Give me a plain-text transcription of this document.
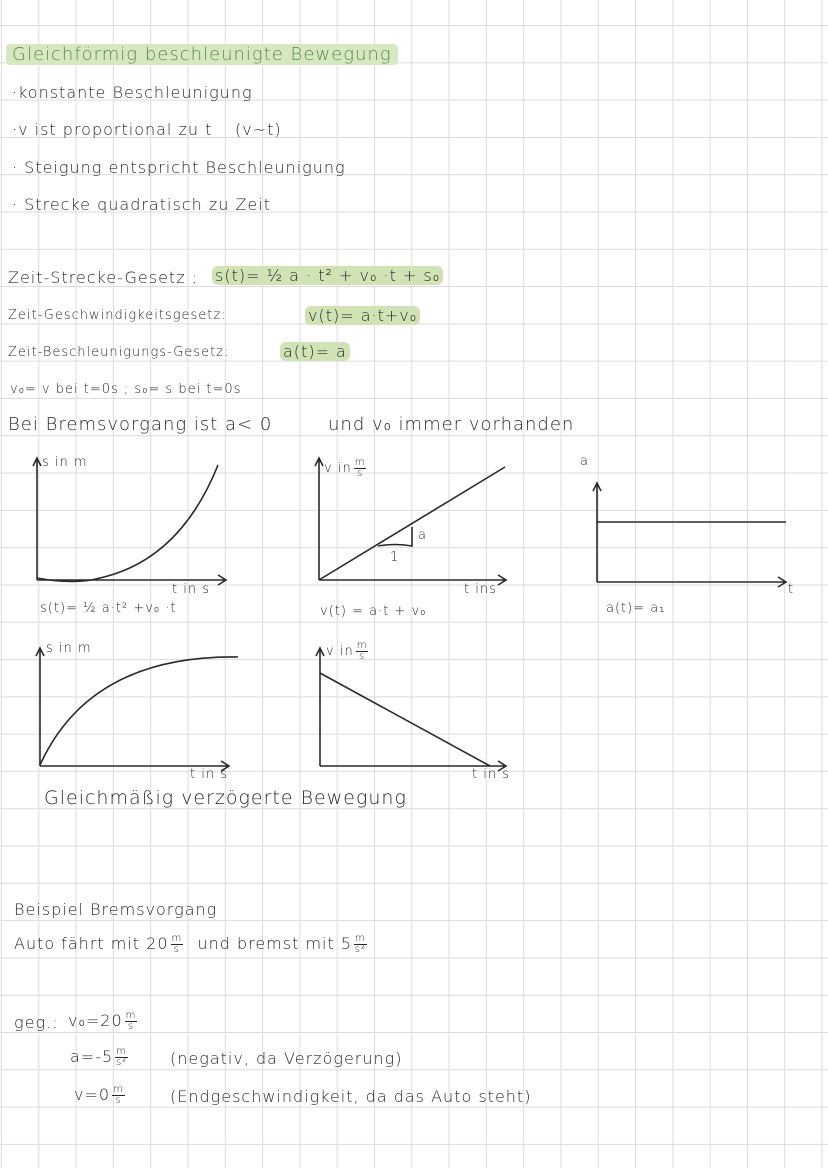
Gleichförmig beschleunigte Bewegung
·konstante Beschleunigung
·v ist proportional zu t (v~t)
· Steigung entspricht Beschleunigung
· Strecke quadratisch zu Zeit
Zeit-Strecke-Gesetz : s(t)= ½ a · t² + v₀ ·t + s₀
Zeit-Geschwindigkeitsgesetz:	v(t)= a·t+v₀
Zeit-Beschleunigungs-Gesetz:	a(t)= a
v₀= v bei t=0s ; s₀= s bei t=0s
Bei Bremsvorgang ist a< 0	und v₀ immer vorhanden
s in m
t in s
s(t)= ½ a·t² +v₀ ·t
v in $\frac{m}{s}$
a
1
t ins
v(t) = a·t + v₀
a
t
a(t)= a₁
s in m
t in s
v in $\frac{m}{s}$
t in s
Gleichmäßig verzögerte Bewegung
Beispiel Bremsvorgang
Auto fährt mit $20 \frac{m}{s}$ und bremst mit $5 \frac{m}{\text{s²}}$
geg.: $v_0=20 \frac{m}{s}$
$a=-5 \frac{m}{\text{s²}}$	(negativ, da Verzögerung)
$v=0 \frac{m}{s}$	(Endgeschwindigkeit, da das Auto steht)
